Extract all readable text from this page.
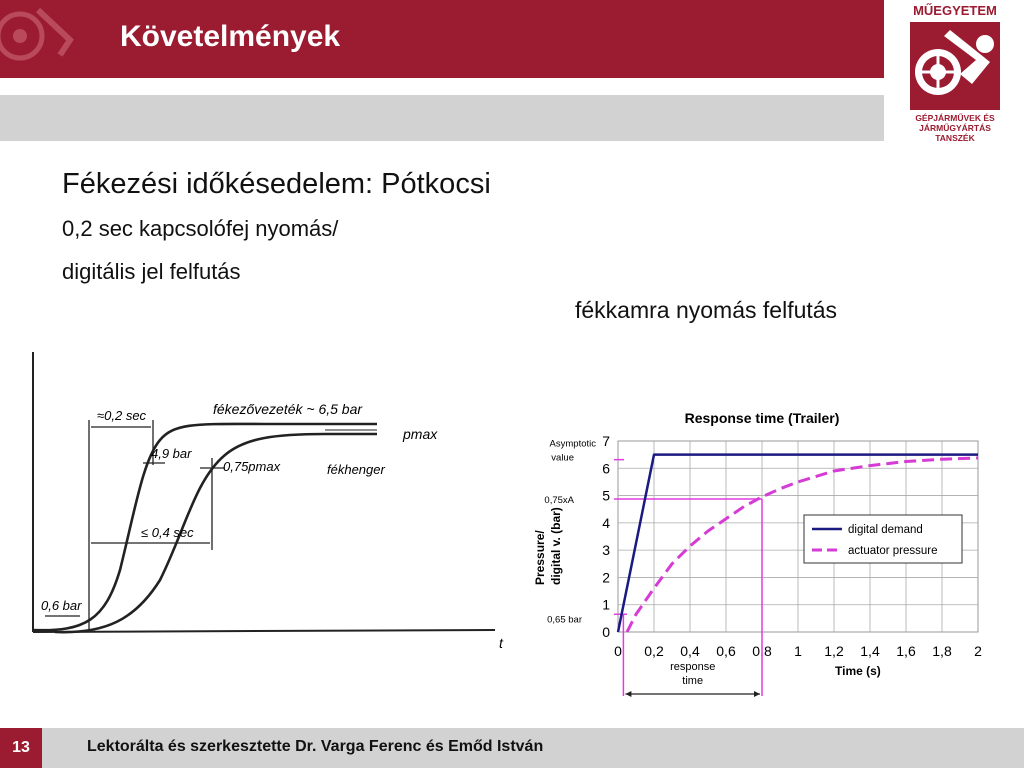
Követelmények
MŰEGYETEM
GÉPJÁRMŰVEK ÉS
JÁRMŰGYÁRTÁS
TANSZÉK
Fékezési időkésedelem: Pótkocsi
0,2 sec kapcsolófej nyomás/
digitális jel felfutás
fékkamra nyomás felfutás
t
≈0,2 sec	fékezővezeték ~ 6,5 bar
4,9 bar
0,75pmax
pmax
fékhenger
≤ 0,4 sec
0,6 bar
Response time (Trailer)
0
1
2
3
4
5
6
7
0 0,2 0,4 0,6 0,8 1 1,2 1,4 1,6 1,8 2
Asymptotic
value
0,75xA
0,65 bar
response
time
Pressure/ digital v. (bar)
Time (s)
digital demand
actuator pressure
13	Lektorálta és szerkesztette Dr. Varga Ferenc és Emőd István
